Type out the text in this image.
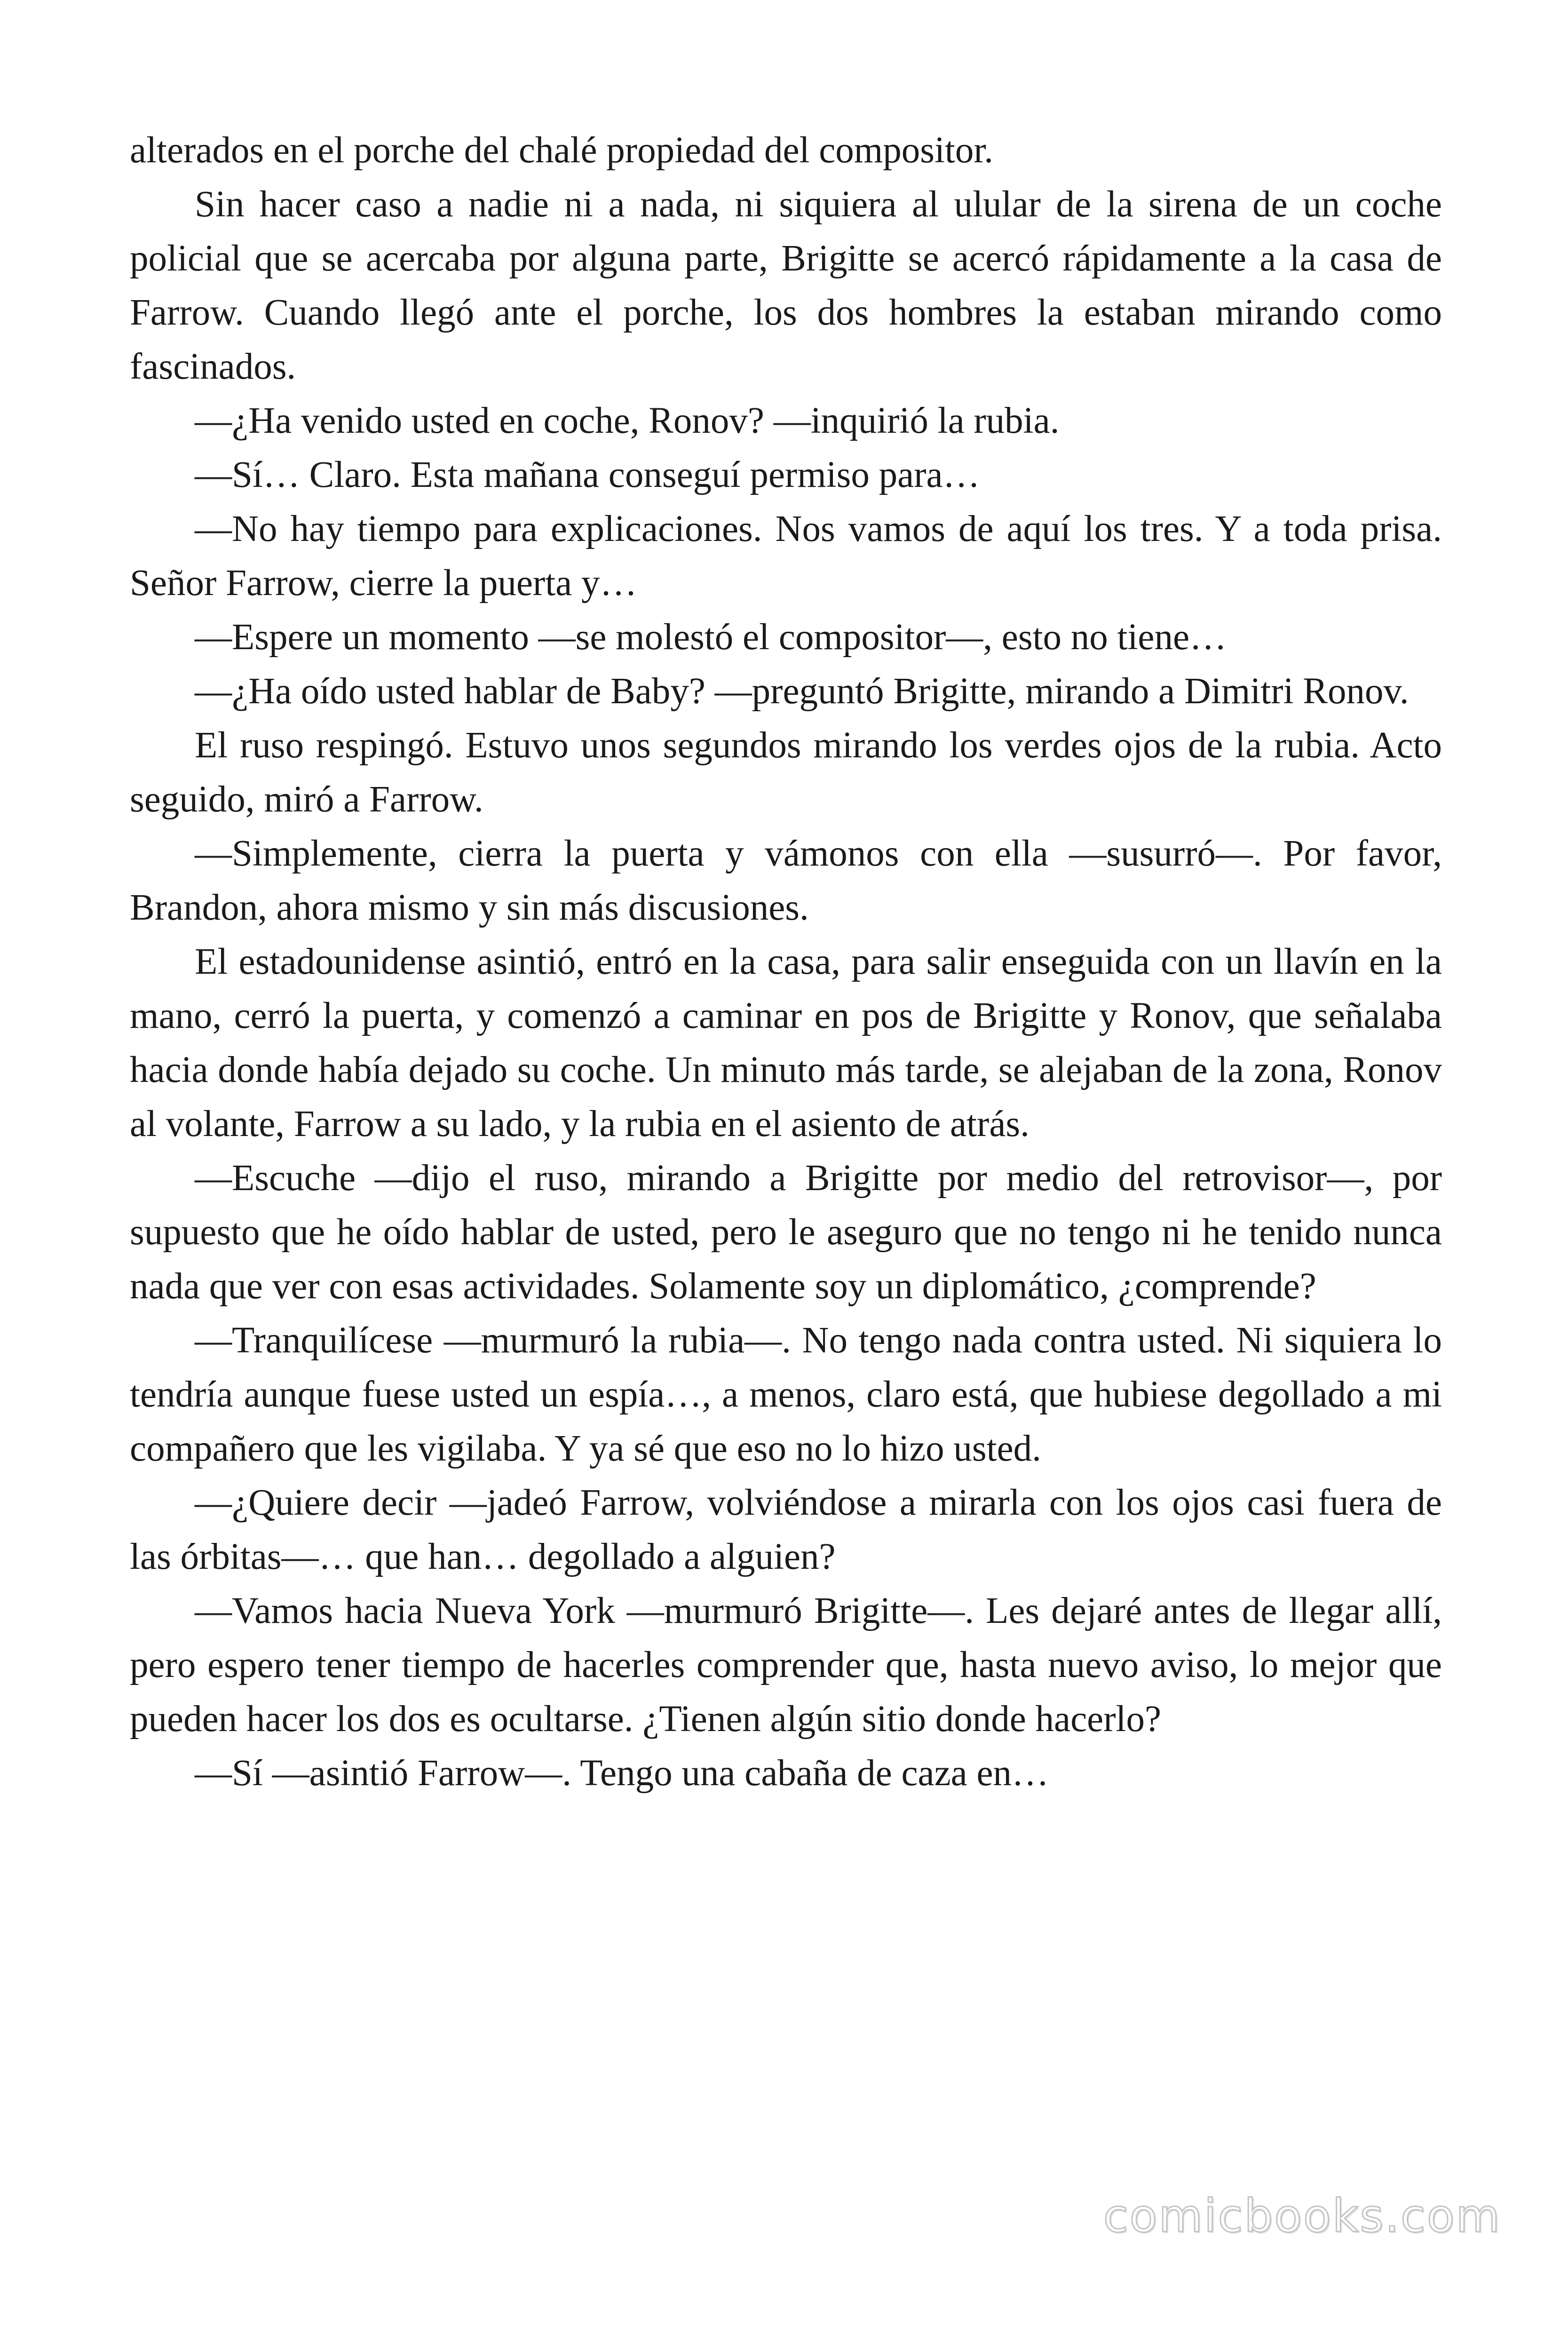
alterados en el porche del chalé propiedad del compositor.

Sin hacer caso a nadie ni a nada, ni siquiera al ulular de la sirena de un coche policial que se acercaba por alguna parte, Brigitte se acercó rápidamente a la casa de Farrow. Cuando llegó ante el porche, los dos hombres la estaban mirando como fascinados.

—¿Ha venido usted en coche, Ronov? —inquirió la rubia.

—Sí… Claro. Esta mañana conseguí permiso para…

—No hay tiempo para explicaciones. Nos vamos de aquí los tres. Y a toda prisa. Señor Farrow, cierre la puerta y…

—Espere un momento —se molestó el compositor—, esto no tiene…

—¿Ha oído usted hablar de Baby? —preguntó Brigitte, mirando a Dimitri Ronov.

El ruso respingó. Estuvo unos segundos mirando los verdes ojos de la rubia. Acto seguido, miró a Farrow.

—Simplemente, cierra la puerta y vámonos con ella —susurró—. Por favor, Brandon, ahora mismo y sin más discusiones.

El estadounidense asintió, entró en la casa, para salir enseguida con un llavín en la mano, cerró la puerta, y comenzó a caminar en pos de Brigitte y Ronov, que señalaba hacia donde había dejado su coche. Un minuto más tarde, se alejaban de la zona, Ronov al volante, Farrow a su lado, y la rubia en el asiento de atrás.

—Escuche —dijo el ruso, mirando a Brigitte por medio del retrovisor—, por supuesto que he oído hablar de usted, pero le aseguro que no tengo ni he tenido nunca nada que ver con esas actividades. Solamente soy un diplomático, ¿comprende?

—Tranquilícese —murmuró la rubia—. No tengo nada contra usted. Ni siquiera lo tendría aunque fuese usted un espía…, a menos, claro está, que hubiese degollado a mi compañero que les vigilaba. Y ya sé que eso no lo hizo usted.

—¿Quiere decir —jadeó Farrow, volviéndose a mirarla con los ojos casi fuera de las órbitas—… que han… degollado a alguien?

—Vamos hacia Nueva York —murmuró Brigitte—. Les dejaré antes de llegar allí, pero espero tener tiempo de hacerles comprender que, hasta nuevo aviso, lo mejor que pueden hacer los dos es ocultarse. ¿Tienen algún sitio donde hacerlo?

—Sí —asintió Farrow—. Tengo una cabaña de caza en…

comicbooks.com
